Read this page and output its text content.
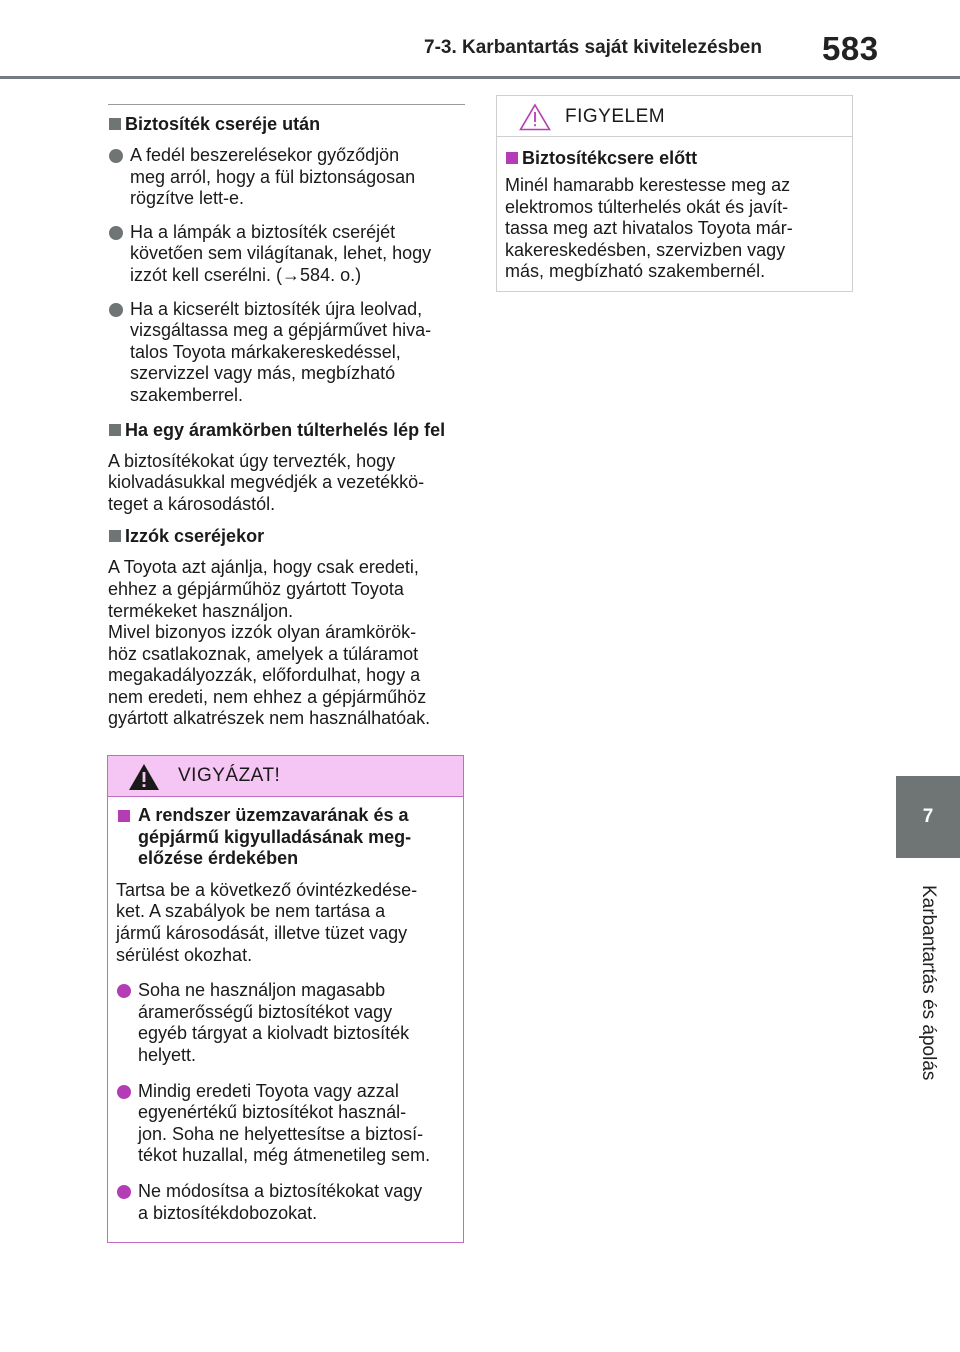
7-3. Karbantartás saját kivitelezésben 583
7
Karbantartás és ápolás
Biztosíték cseréje után
A fedél beszerelésekor győződjön
meg arról, hogy a fül biztonságosan
rögzítve lett-e.
Ha a lámpák a biztosíték cseréjét
követően sem világítanak, lehet, hogy
izzót kell cserélni. (→584. o.)
Ha a kicserélt biztosíték újra leolvad,
vizsgáltassa meg a gépjárművet hiva-
talos Toyota márkakereskedéssel,
szervizzel vagy más, megbízható
szakemberrel.
Ha egy áramkörben túlterhelés lép fel
A biztosítékokat úgy tervezték, hogy
kiolvadásukkal megvédjék a vezetékkö-
teget a károsodástól.
Izzók cseréjekor
A Toyota azt ajánlja, hogy csak eredeti,
ehhez a gépjárműhöz gyártott Toyota
termékeket használjon.
Mivel bizonyos izzók olyan áramkörök-
höz csatlakoznak, amelyek a túláramot
megakadályozzák, előfordulhat, hogy a
nem eredeti, nem ehhez a gépjárműhöz
gyártott alkatrészek nem használhatóak.
VIGYÁZAT!
A rendszer üzemzavarának és a
gépjármű kigyulladásának meg-
előzése érdekében
Tartsa be a következő óvintézkedése-
ket. A szabályok be nem tartása a
jármű károsodását, illetve tüzet vagy
sérülést okozhat.
Soha ne használjon magasabb
áramerősségű biztosítékot vagy
egyéb tárgyat a kiolvadt biztosíték
helyett.
Mindig eredeti Toyota vagy azzal
egyenértékű biztosítékot használ-
jon. Soha ne helyettesítse a biztosí-
tékot huzallal, még átmenetileg sem.
Ne módosítsa a biztosítékokat vagy
a biztosítékdobozokat.
FIGYELEM
Biztosítékcsere előtt
Minél hamarabb kerestesse meg az
elektromos túlterhelés okát és javít-
tassa meg azt hivatalos Toyota már-
kakereskedésben, szervizben vagy
más, megbízható szakembernél.
